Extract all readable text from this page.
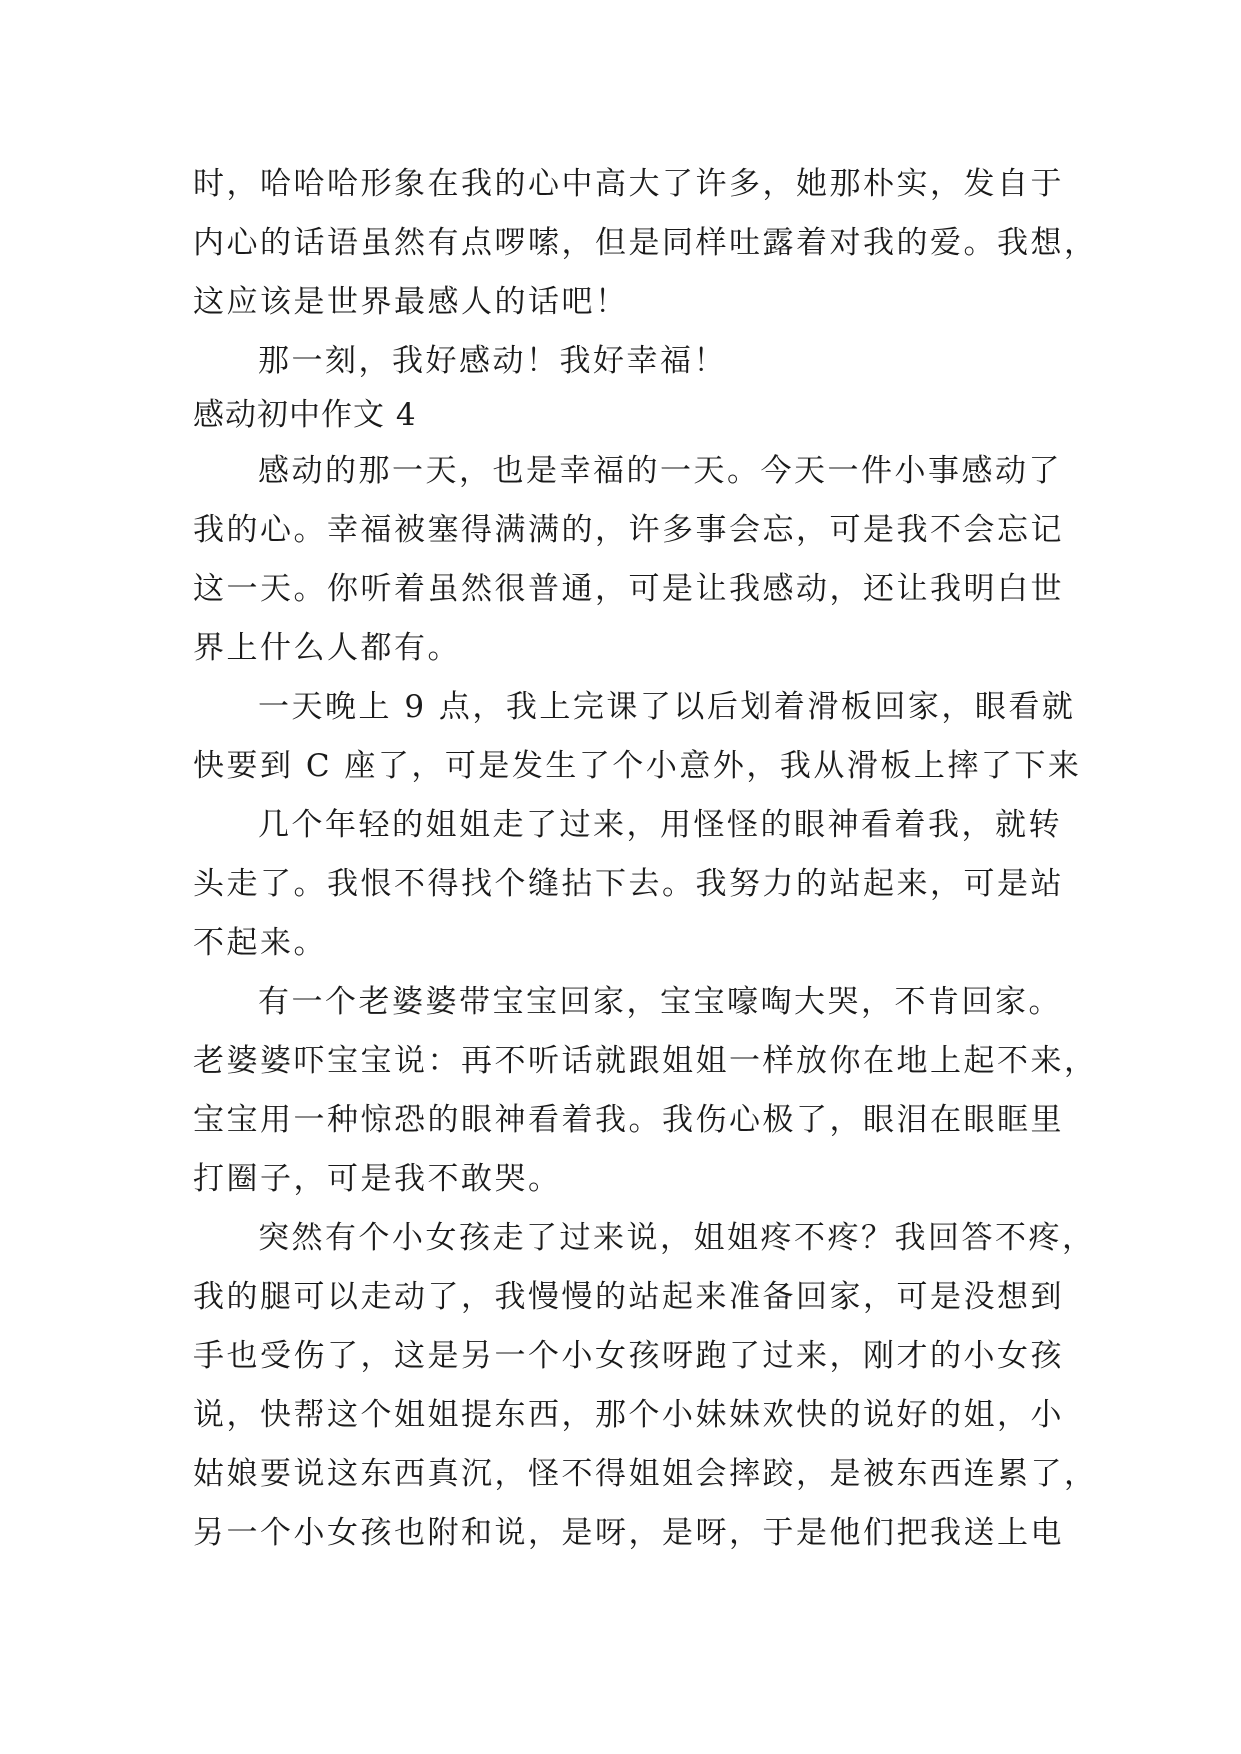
时，哈哈哈形象在我的心中高大了许多，她那朴实，发自于
内心的话语虽然有点啰嗦，但是同样吐露着对我的爱。我想，
这应该是世界最感人的话吧！
那一刻，我好感动！我好幸福！
感动初中作文 4
感动的那一天，也是幸福的一天。今天一件小事感动了
我的心。幸福被塞得满满的，许多事会忘，可是我不会忘记
这一天。你听着虽然很普通，可是让我感动，还让我明白世
界上什么人都有。
一天晚上 9 点，我上完课了以后划着滑板回家，眼看就
快要到 C 座了，可是发生了个小意外，我从滑板上摔了下来
几个年轻的姐姐走了过来，用怪怪的眼神看着我，就转
头走了。我恨不得找个缝拈下去。我努力的站起来，可是站
不起来。
有一个老婆婆带宝宝回家，宝宝嚎啕大哭，不肯回家。
老婆婆吓宝宝说：再不听话就跟姐姐一样放你在地上起不来，
宝宝用一种惊恐的眼神看着我。我伤心极了，眼泪在眼眶里
打圈子，可是我不敢哭。
突然有个小女孩走了过来说，姐姐疼不疼？我回答不疼，
我的腿可以走动了，我慢慢的站起来准备回家，可是没想到
手也受伤了，这是另一个小女孩呀跑了过来，刚才的小女孩
说，快帮这个姐姐提东西，那个小妹妹欢快的说好的姐，小
姑娘要说这东西真沉，怪不得姐姐会摔跤，是被东西连累了，
另一个小女孩也附和说，是呀，是呀，于是他们把我送上电
